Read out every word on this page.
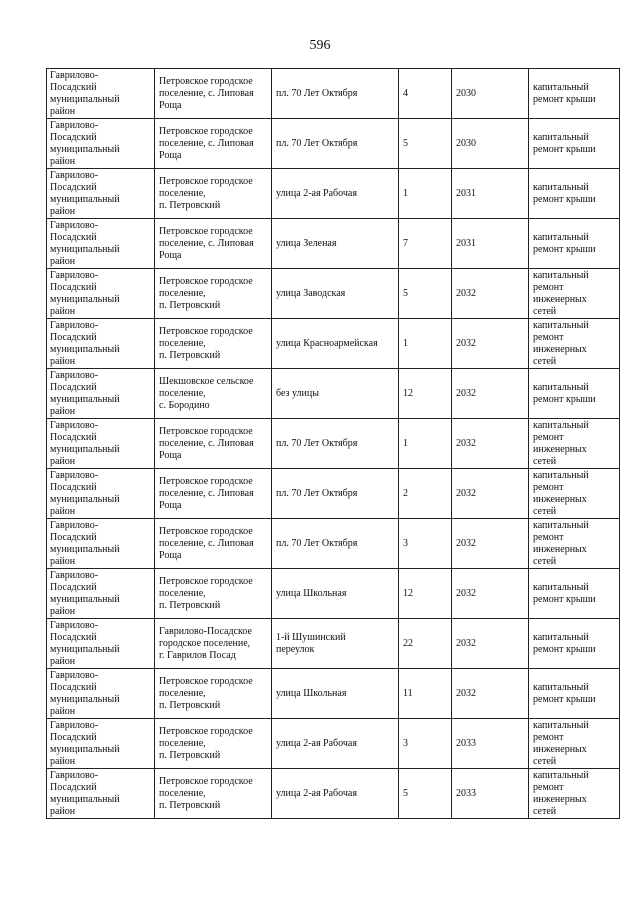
596
Гаврилово-
Посадский
муниципальный
район	Петровское городское
поселение, с. Липовая
Роща	пл. 70 Лет Октября	4	2030	капитальный
ремонт крыши
Гаврилово-
Посадский
муниципальный
район	Петровское городское
поселение, с. Липовая
Роща	пл. 70 Лет Октября	5	2030	капитальный
ремонт крыши
Гаврилово-
Посадский
муниципальный
район	Петровское городское
поселение,
п. Петровский	улица 2-ая Рабочая	1	2031	капитальный
ремонт крыши
Гаврилово-
Посадский
муниципальный
район	Петровское городское
поселение, с. Липовая
Роща	улица Зеленая	7	2031	капитальный
ремонт крыши
Гаврилово-
Посадский
муниципальный
район	Петровское городское
поселение,
п. Петровский	улица Заводская	5	2032	капитальный
ремонт
инженерных
сетей
Гаврилово-
Посадский
муниципальный
район	Петровское городское
поселение,
п. Петровский	улица Красноармейская	1	2032	капитальный
ремонт
инженерных
сетей
Гаврилово-
Посадский
муниципальный
район	Шекшовское сельское
поселение,
с. Бородино	без улицы	12	2032	капитальный
ремонт крыши
Гаврилово-
Посадский
муниципальный
район	Петровское городское
поселение, с. Липовая
Роща	пл. 70 Лет Октября	1	2032	капитальный
ремонт
инженерных
сетей
Гаврилово-
Посадский
муниципальный
район	Петровское городское
поселение, с. Липовая
Роща	пл. 70 Лет Октября	2	2032	капитальный
ремонт
инженерных
сетей
Гаврилово-
Посадский
муниципальный
район	Петровское городское
поселение, с. Липовая
Роща	пл. 70 Лет Октября	3	2032	капитальный
ремонт
инженерных
сетей
Гаврилово-
Посадский
муниципальный
район	Петровское городское
поселение,
п. Петровский	улица Школьная	12	2032	капитальный
ремонт крыши
Гаврилово-
Посадский
муниципальный
район	Гаврилово-Посадское
городское поселение,
г. Гаврилов Посад	1-й Шушинский
переулок	22	2032	капитальный
ремонт крыши
Гаврилово-
Посадский
муниципальный
район	Петровское городское
поселение,
п. Петровский	улица Школьная	11	2032	капитальный
ремонт крыши
Гаврилово-
Посадский
муниципальный
район	Петровское городское
поселение,
п. Петровский	улица 2-ая Рабочая	3	2033	капитальный
ремонт
инженерных
сетей
Гаврилово-
Посадский
муниципальный
район	Петровское городское
поселение,
п. Петровский	улица 2-ая Рабочая	5	2033	капитальный
ремонт
инженерных
сетей
